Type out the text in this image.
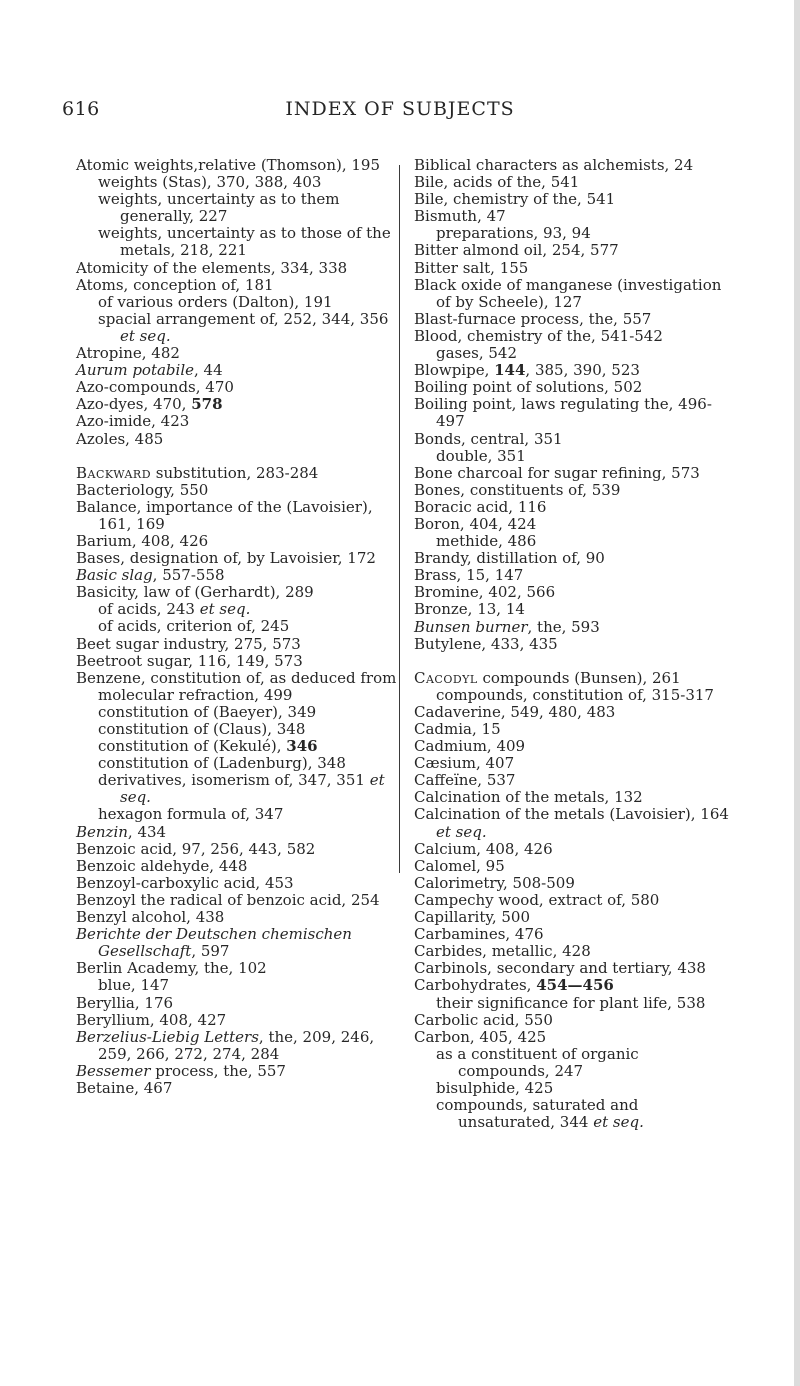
616	INDEX OF SUBJECTS
Atomic weights,relative (Thomson), 195
weights (Stas), 370, 388, 403
weights, uncertainty as to them generally, 227
weights, uncertainty as to those of the metals, 218, 221
Atomicity of the elements, 334, 338
Atoms, conception of, 181
of various orders (Dalton), 191
spacial arrangement of, 252, 344, 356 et seq.
Atropine, 482
Aurum potabile, 44
Azo-compounds, 470
Azo-dyes, 470, 578
Azo-imide, 423
Azoles, 485
Backward substitution, 283-284
Bacteriology, 550
Balance, importance of the (Lavoisier), 161, 169
Barium, 408, 426
Bases, designation of, by Lavoisier, 172
Basic slag, 557-558
Basicity, law of (Gerhardt), 289
of acids, 243 et seq.
of acids, criterion of, 245
Beet sugar industry, 275, 573
Beetroot sugar, 116, 149, 573
Benzene, constitution of, as deduced from molecular refraction, 499
constitution of (Baeyer), 349
constitution of (Claus), 348
constitution of (Kekulé), 346
constitution of (Ladenburg), 348
derivatives, isomerism of, 347, 351 et seq.
hexagon formula of, 347
Benzin, 434
Benzoic acid, 97, 256, 443, 582
Benzoic aldehyde, 448
Benzoyl-carboxylic acid, 453
Benzoyl the radical of benzoic acid, 254
Benzyl alcohol, 438
Berichte der Deutschen chemischen Gesellschaft, 597
Berlin Academy, the, 102
blue, 147
Beryllia, 176
Beryllium, 408, 427
Berzelius-Liebig Letters, the, 209, 246, 259, 266, 272, 274, 284
Bessemer process, the, 557
Betaine, 467
Biblical characters as alchemists, 24
Bile, acids of the, 541
Bile, chemistry of the, 541
Bismuth, 47
preparations, 93, 94
Bitter almond oil, 254, 577
Bitter salt, 155
Black oxide of manganese (investigation of by Scheele), 127
Blast-furnace process, the, 557
Blood, chemistry of the, 541-542
gases, 542
Blowpipe, 144, 385, 390, 523
Boiling point of solutions, 502
Boiling point, laws regulating the, 496-497
Bonds, central, 351
double, 351
Bone charcoal for sugar refining, 573
Bones, constituents of, 539
Boracic acid, 116
Boron, 404, 424
methide, 486
Brandy, distillation of, 90
Brass, 15, 147
Bromine, 402, 566
Bronze, 13, 14
Bunsen burner, the, 593
Butylene, 433, 435
Cacodyl compounds (Bunsen), 261
compounds, constitution of, 315-317
Cadaverine, 549, 480, 483
Cadmia, 15
Cadmium, 409
Cæsium, 407
Caffeïne, 537
Calcination of the metals, 132
Calcination of the metals (Lavoisier), 164 et seq.
Calcium, 408, 426
Calomel, 95
Calorimetry, 508-509
Campechy wood, extract of, 580
Capillarity, 500
Carbamines, 476
Carbides, metallic, 428
Carbinols, secondary and tertiary, 438
Carbohydrates, 454—456
their significance for plant life, 538
Carbolic acid, 550
Carbon, 405, 425
as a constituent of organic compounds, 247
bisulphide, 425
compounds, saturated and unsaturated, 344 et seq.
